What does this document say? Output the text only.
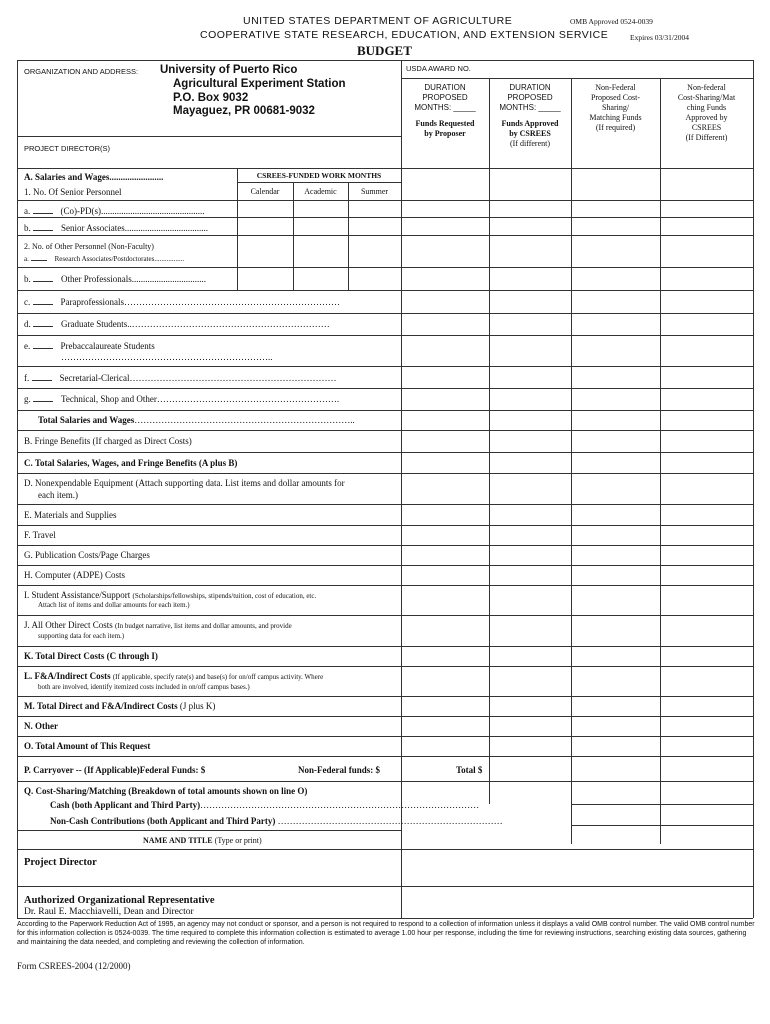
UNITED STATES DEPARTMENT OF AGRICULTURE
COOPERATIVE STATE RESEARCH, EDUCATION, AND EXTENSION SERVICE
OMB Approved 0524-0039
Expires 03/31/2004
BUDGET
ORGANIZATION AND ADDRESS: University of Puerto Rico
Agricultural Experiment Station
P.O. Box 9032
Mayaguez, PR 00681-9032
USDA AWARD NO.
PROJECT DIRECTOR(S)
DURATION
PROPOSED
MONTHS: _____
Funds Requested
by Proposer
DURATION
PROPOSED
MONTHS: _____
Funds Approved
by CSREES
(If different)
Non-Federal
Proposed Cost-
Sharing/
Matching Funds
(If required)
Non-federal
Cost-Sharing/Mat
ching Funds
Approved by
CSREES
(If Different)
A. Salaries and Wages........................	CSREES-FUNDED WORK MONTHS
1. No. Of Senior Personnel	Calendar	Academic	Summer
a.	(Co)-PD(s)..............................................
b.	Senior Associates.....................................
2. No. of Other Personnel (Non-Faculty)
a.	Research Associates/Postdoctorates.................
b.	Other Professionals.................................
c.	Paraprofessionals………………………………………………………………
d.	Graduate Students..…………………………………………………………
e.	Prebaccalaureate Students
……………………………………………………………..
f.	Secretarial-Clerical……………………………………………………………
g.	Technical, Shop and Other…………………………………………………….
Total Salaries and Wages………………………………………………………………..
B. Fringe Benefits (If charged as Direct Costs)
C. Total Salaries, Wages, and Fringe Benefits (A plus B)
D. Nonexpendable Equipment (Attach supporting data. List items and dollar amounts for
each item.)
E. Materials and Supplies
F. Travel
G. Publication Costs/Page Charges
H. Computer (ADPE) Costs
I. Student Assistance/Support (Scholarships/fellowships, stipends/tuition, cost of education, etc.
Attach list of items and dollar amounts for each item.)
J. All Other Direct Costs (In budget narrative, list items and dollar amounts, and provide
supporting data for each item.)
K. Total Direct Costs (C through I)
L. F&A/Indirect Costs (If applicable, specify rate(s) and base(s) for on/off campus activity. Where
both are involved, identify itemized costs included in on/off campus bases.)
M. Total Direct and F&A/Indirect Costs (J plus K)
N. Other
O. Total Amount of This Request
P. Carryover -- (If Applicable)Federal Funds: $	Non-Federal funds: $	Total $
Q. Cost-Sharing/Matching (Breakdown of total amounts shown on line O)
Cash (both Applicant and Third Party)…………………………………………………………………………………
Non-Cash Contributions (both Applicant and Third Party) …………………………………………………………………
NAME AND TITLE (Type or print)
Project Director
Authorized Organizational Representative
Dr. Raul E. Macchiavelli, Dean and Director
According to the Paperwork Reduction Act of 1995, an agency may not conduct or sponsor, and a person is not required to respond to a collection of information unless it displays a valid OMB control number. The valid OMB control number for this information collection is 0524-0039. The time required to complete this information collection is estimated to average 1.00 hour per response, including the time for reviewing instructions, searching existing data sources, gathering and maintaining the data needed, and completing and reviewing the collection of information.
Form CSREES-2004 (12/2000)
